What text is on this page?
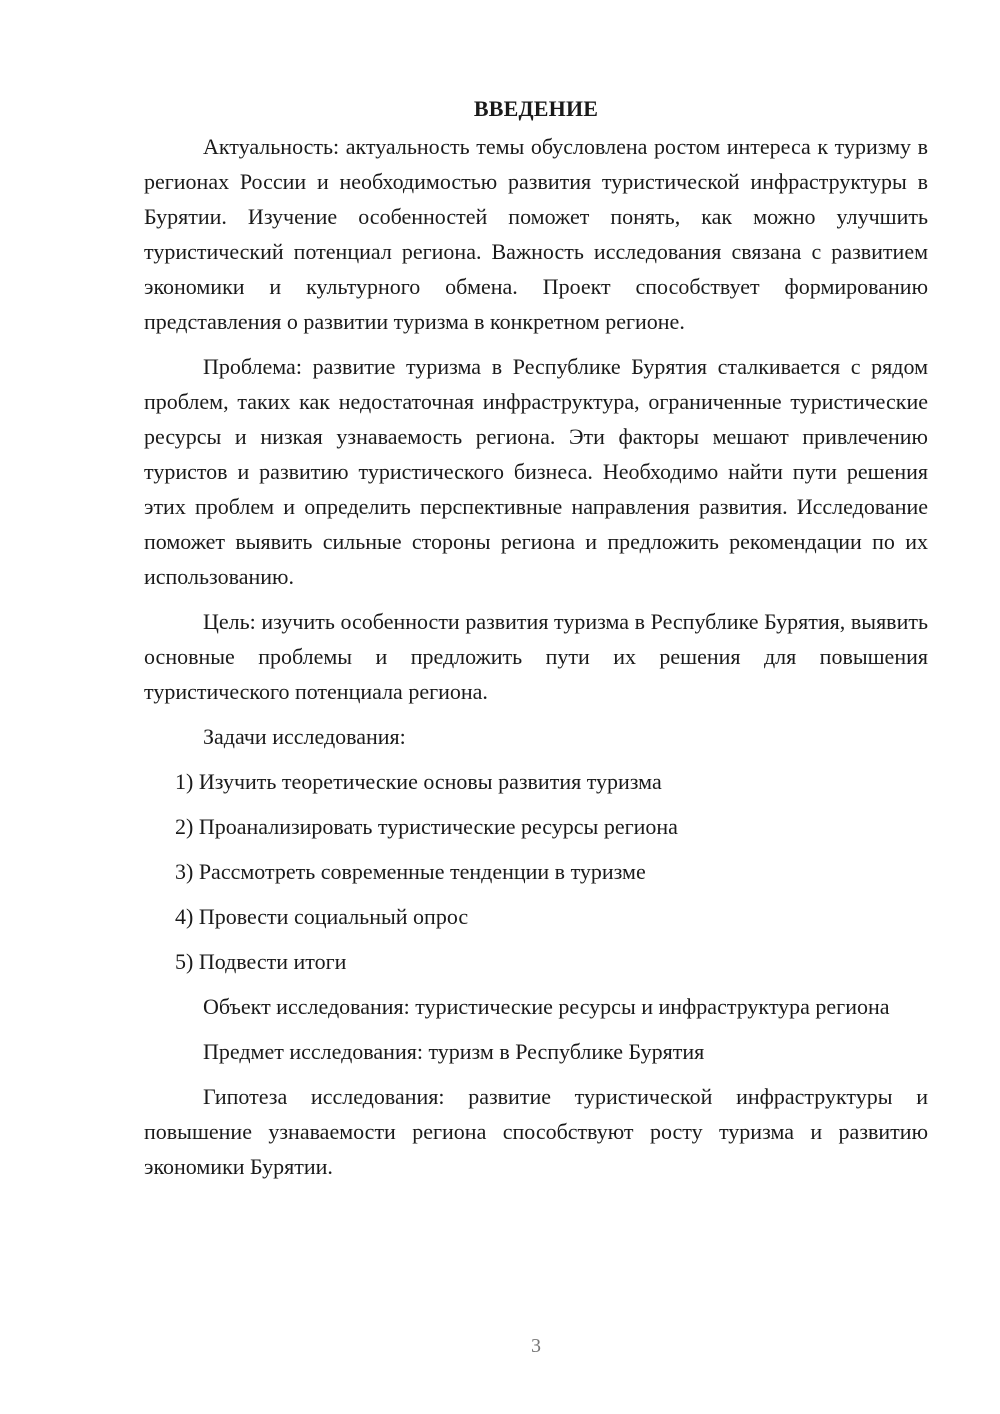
ВВЕДЕНИЕ

Актуальность: актуальность темы обусловлена ростом интереса к туризму в регионах России и необходимостью развития туристической инфраструктуры в Бурятии. Изучение особенностей поможет понять, как можно улучшить туристический потенциал региона. Важность исследования связана с развитием экономики и культурного обмена. Проект способствует формированию представления о развитии туризма в конкретном регионе.

Проблема: развитие туризма в Республике Бурятия сталкивается с рядом проблем, таких как недостаточная инфраструктура, ограниченные туристические ресурсы и низкая узнаваемость региона. Эти факторы мешают привлечению туристов и развитию туристического бизнеса. Необходимо найти пути решения этих проблем и определить перспективные направления развития. Исследование поможет выявить сильные стороны региона и предложить рекомендации по их использованию.

Цель: изучить особенности развития туризма в Республике Бурятия, выявить основные проблемы и предложить пути их решения для повышения туристического потенциала региона.

Задачи исследования:

1) Изучить теоретические основы развития туризма
2) Проанализировать туристические ресурсы региона
3) Рассмотреть современные тенденции в туризме
4) Провести социальный опрос
5) Подвести итоги

Объект исследования: туристические ресурсы и инфраструктура региона

Предмет исследования: туризм в Республике Бурятия

Гипотеза исследования: развитие туристической инфраструктуры и повышение узнаваемости региона способствуют росту туризма и развитию экономики Бурятии.

3
